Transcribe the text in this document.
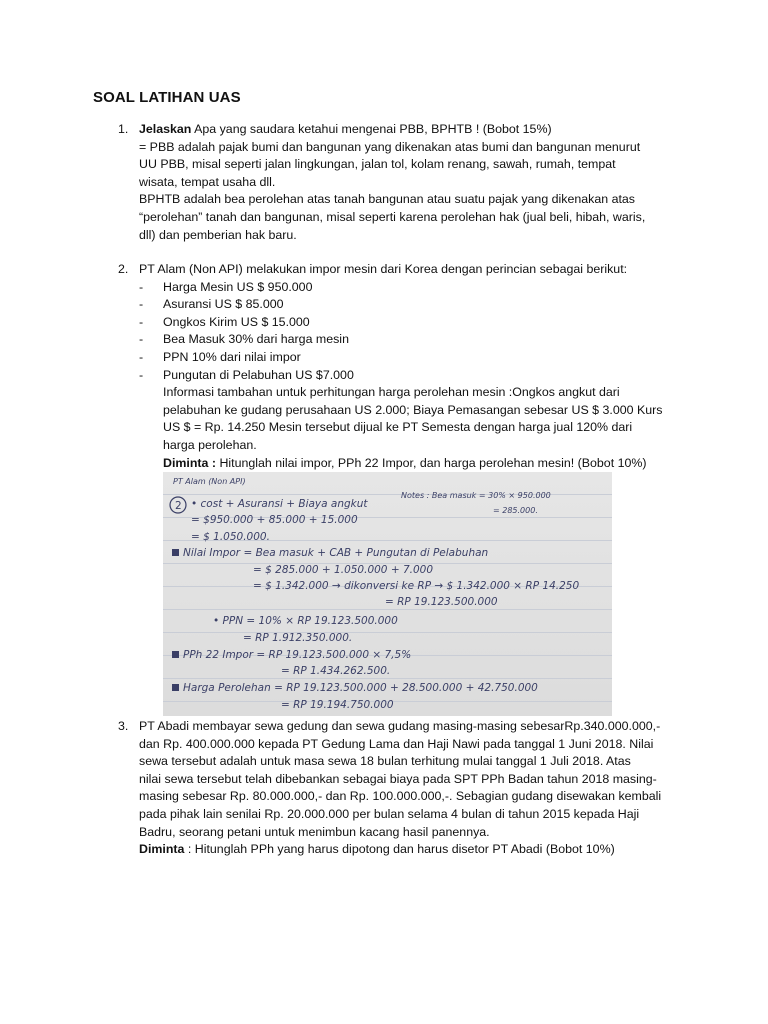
SOAL LATIHAN UAS
1. Jelaskan Apa yang saudara ketahui mengenai PBB, BPHTB ! (Bobot 15%)
= PBB adalah pajak bumi dan bangunan yang dikenakan atas bumi dan bangunan menurut
UU PBB, misal seperti jalan lingkungan, jalan tol, kolam renang, sawah, rumah, tempat
wisata, tempat usaha dll.
BPHTB adalah bea perolehan atas tanah bangunan atau suatu pajak yang dikenakan atas
“perolehan” tanah dan bangunan, misal seperti karena perolehan hak (jual beli, hibah, waris,
dll) dan pemberian hak baru.
2. PT Alam (Non API) melakukan impor mesin dari Korea dengan perincian sebagai berikut:
- Harga Mesin US $ 950.000
- Asuransi US $ 85.000
- Ongkos Kirim US $ 15.000
- Bea Masuk 30% dari harga mesin
- PPN 10% dari nilai impor
- Pungutan di Pelabuhan US $7.000
Informasi tambahan untuk perhitungan harga perolehan mesin :Ongkos angkut dari
pelabuhan ke gudang perusahaan US 2.000; Biaya Pemasangan sebesar US $ 3.000 Kurs
US $ = Rp. 14.250 Mesin tersebut dijual ke PT Semesta dengan harga jual 120% dari
harga perolehan.
Diminta : Hitunglah nilai impor, PPh 22 Impor, dan harga perolehan mesin! (Bobot 10%)
PT Alam (Non API)
2 • cost + Asuransi + Biaya angkut
= $950.000 + 85.000 + 15.000
= $ 1.050.000.
Nilai Impor = Bea masuk + CAB + Pungutan di Pelabuhan
= $ 285.000 + 1.050.000 + 7.000
= $ 1.342.000 → dikonversi ke RP → $ 1.342.000 × RP 14.250
= RP 19.123.500.000
• PPN = 10% × RP 19.123.500.000
= RP 1.912.350.000.
PPh 22 Impor = RP 19.123.500.000 × 7,5%
= RP 1.434.262.500.
Harga Perolehan = RP 19.123.500.000 + 28.500.000 + 42.750.000
= RP 19.194.750.000
Notes : Bea masuk = 30% × 950.000
= 285.000.
3. PT Abadi membayar sewa gedung dan sewa gudang masing-masing sebesarRp.340.000.000,-
dan Rp. 400.000.000 kepada PT Gedung Lama dan Haji Nawi pada tanggal 1 Juni 2018. Nilai
sewa tersebut adalah untuk masa sewa 18 bulan terhitung mulai tanggal 1 Juli 2018. Atas
nilai sewa tersebut telah dibebankan sebagai biaya pada SPT PPh Badan tahun 2018 masing-
masing sebesar Rp. 80.000.000,- dan Rp. 100.000.000,-. Sebagian gudang disewakan kembali
pada pihak lain senilai Rp. 20.000.000 per bulan selama 4 bulan di tahun 2015 kepada Haji
Badru, seorang petani untuk menimbun kacang hasil panennya.
Diminta : Hitunglah PPh yang harus dipotong dan harus disetor PT Abadi (Bobot 10%)
